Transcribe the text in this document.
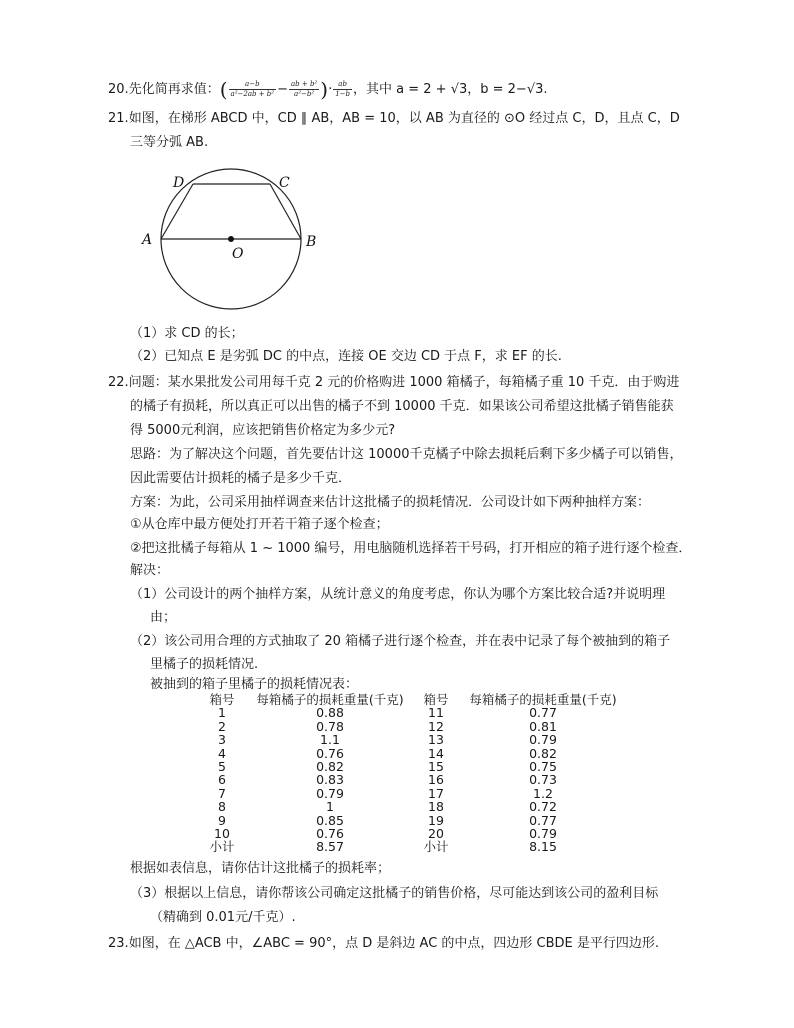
20.先化简再求值：( $\frac{a-b}{\text{a²−2ab + b²}} - \frac{\text{ab + b²}}{\text{a²−b²}}$ )· $\frac{ab}{1-b}$ ，其中 a = 2 + √3，b = 2−√3.
21.如图，在梯形 ABCD 中，CD ∥ AB，AB = 10，以 AB 为直径的 ⊙O 经过点 C，D，且点 C，D
三等分弧 AB.
A	B
D	C
O
（1）求 CD 的长；
（2）已知点 E 是劣弧 DC 的中点，连接 OE 交边 CD 于点 F，求 EF 的长.
22.问题：某水果批发公司用每千克 2 元的价格购进 1000 箱橘子，每箱橘子重 10 千克．由于购进
的橘子有损耗，所以真正可以出售的橘子不到 10000 千克．如果该公司希望这批橘子销售能获
得 5000元利润，应该把销售价格定为多少元?
思路：为了解决这个问题，首先要估计这 10000千克橘子中除去损耗后剩下多少橘子可以销售，
因此需要估计损耗的橘子是多少千克．
方案：为此，公司采用抽样调查来估计这批橘子的损耗情况．公司设计如下两种抽样方案：
①从仓库中最方便处打开若干箱子逐个检查；
②把这批橘子每箱从 1 ~ 1000 编号，用电脑随机选择若干号码，打开相应的箱子进行逐个检查．
解决：
（1）公司设计的两个抽样方案，从统计意义的角度考虑，你认为哪个方案比较合适?并说明理
由；
（2）该公司用合理的方式抽取了 20 箱橘子进行逐个检查，并在表中记录了每个被抽到的箱子
里橘子的损耗情况.
被抽到的箱子里橘子的损耗情况表：
箱号	每箱橘子的损耗重量(千克)	箱号	每箱橘子的损耗重量(千克)
1	0.88	11	0.77
2	0.78	12	0.81
3	1.1	13	0.79
4	0.76	14	0.82
5	0.82	15	0.75
6	0.83	16	0.73
7	0.79	17	1.2
8	1	18	0.72
9	0.85	19	0.77
10	0.76	20	0.79
小计	8.57	小计	8.15
根据如表信息，请你估计这批橘子的损耗率；
（3）根据以上信息，请你帮该公司确定这批橘子的销售价格，尽可能达到该公司的盈利目标
（精确到 0.01元/千克）.
23.如图，在 △ACB 中，∠ABC = 90°，点 D 是斜边 AC 的中点，四边形 CBDE 是平行四边形.
